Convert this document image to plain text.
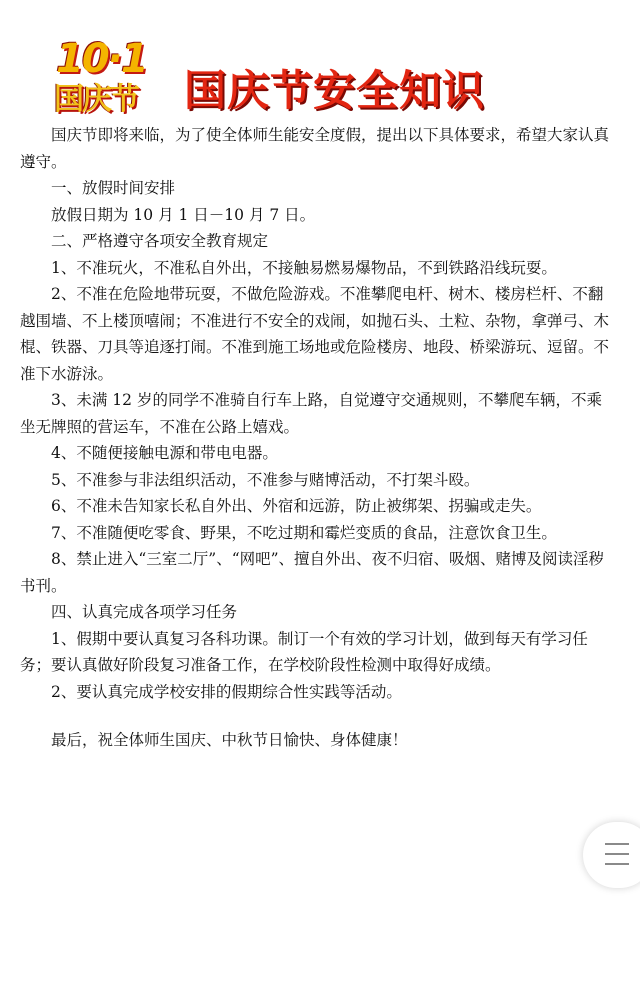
10·1
国庆节 国庆节安全知识

国庆节即将来临，为了使全体师生能安全度假，提出以下具体要求，希望大家认真遵守。

一、放假时间安排

放假日期为 10 月 1 日－10 月 7 日。

二、严格遵守各项安全教育规定

1、不准玩火，不准私自外出，不接触易燃易爆物品，不到铁路沿线玩耍。

2、不准在危险地带玩耍，不做危险游戏。不准攀爬电杆、树木、楼房栏杆、不翻越围墙、不上楼顶嘻闹；不准进行不安全的戏闹，如抛石头、土粒、杂物，拿弹弓、木棍、铁器、刀具等追逐打闹。不准到施工场地或危险楼房、地段、桥梁游玩、逗留。不准下水游泳。

3、未满 12 岁的同学不准骑自行车上路，自觉遵守交通规则，不攀爬车辆，不乘坐无牌照的营运车，不准在公路上嬉戏。

4、不随便接触电源和带电电器。

5、不准参与非法组织活动，不准参与赌博活动，不打架斗殴。

6、不准未告知家长私自外出、外宿和远游，防止被绑架、拐骗或走失。

7、不准随便吃零食、野果，不吃过期和霉烂变质的食品，注意饮食卫生。

8、禁止进入“三室二厅”、“网吧”、擅自外出、夜不归宿、吸烟、赌博及阅读淫秽书刊。

四、认真完成各项学习任务

1、假期中要认真复习各科功课。制订一个有效的学习计划，做到每天有学习任务；要认真做好阶段复习准备工作，在学校阶段性检测中取得好成绩。

2、要认真完成学校安排的假期综合性实践等活动。

最后，祝全体师生国庆、中秋节日愉快、身体健康！
